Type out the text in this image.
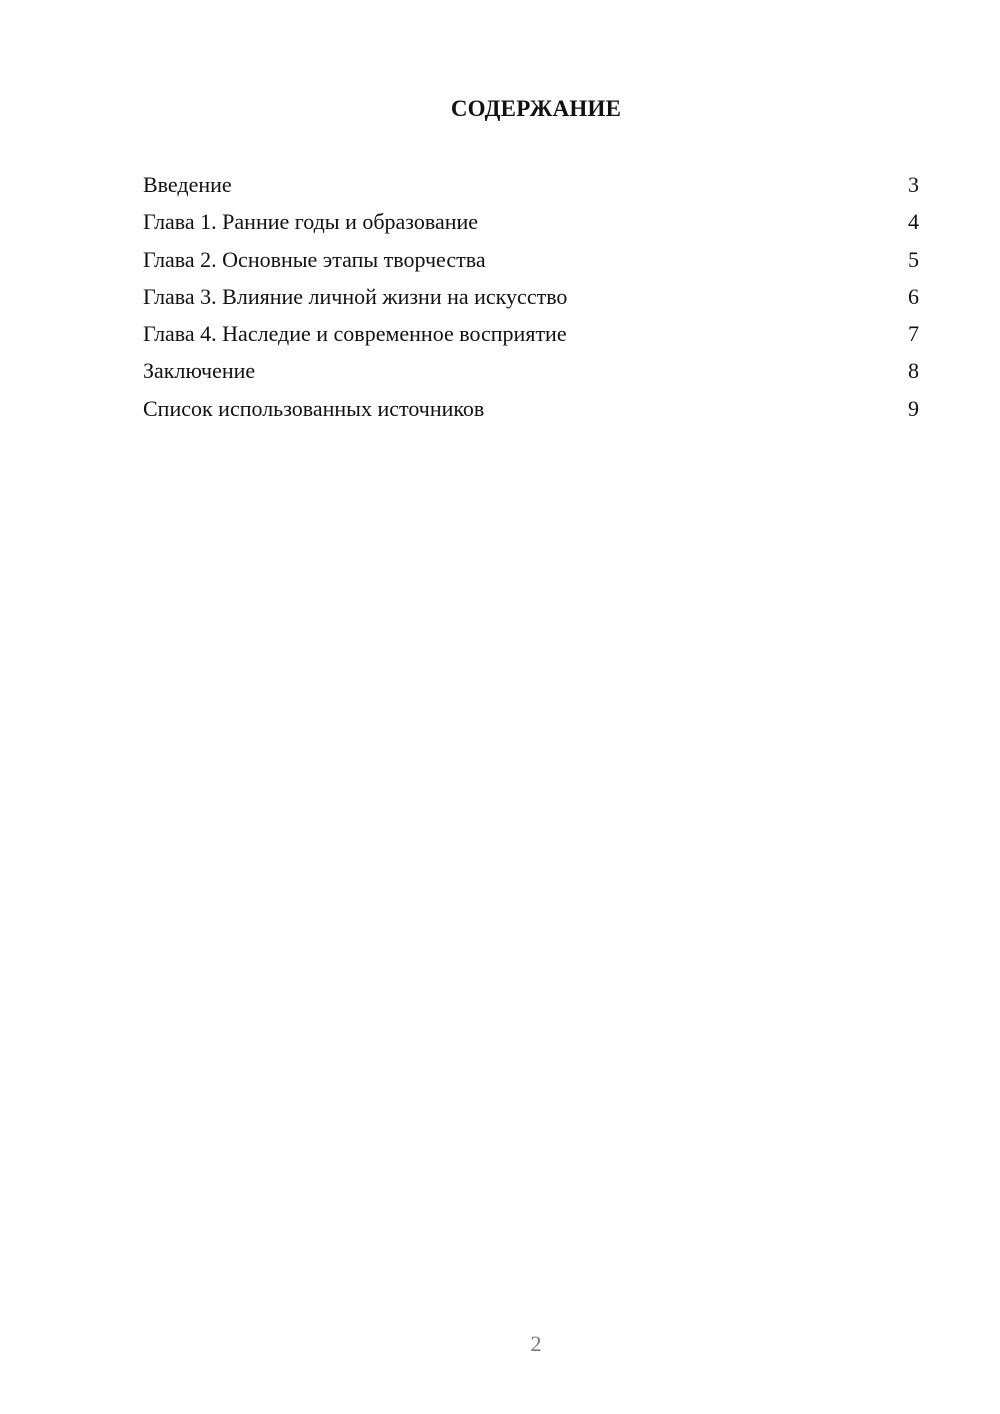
СОДЕРЖАНИЕ
Введение	3
Глава 1. Ранние годы и образование	4
Глава 2. Основные этапы творчества	5
Глава 3. Влияние личной жизни на искусство	6
Глава 4. Наследие и современное восприятие	7
Заключение	8
Список использованных источников	9
2
